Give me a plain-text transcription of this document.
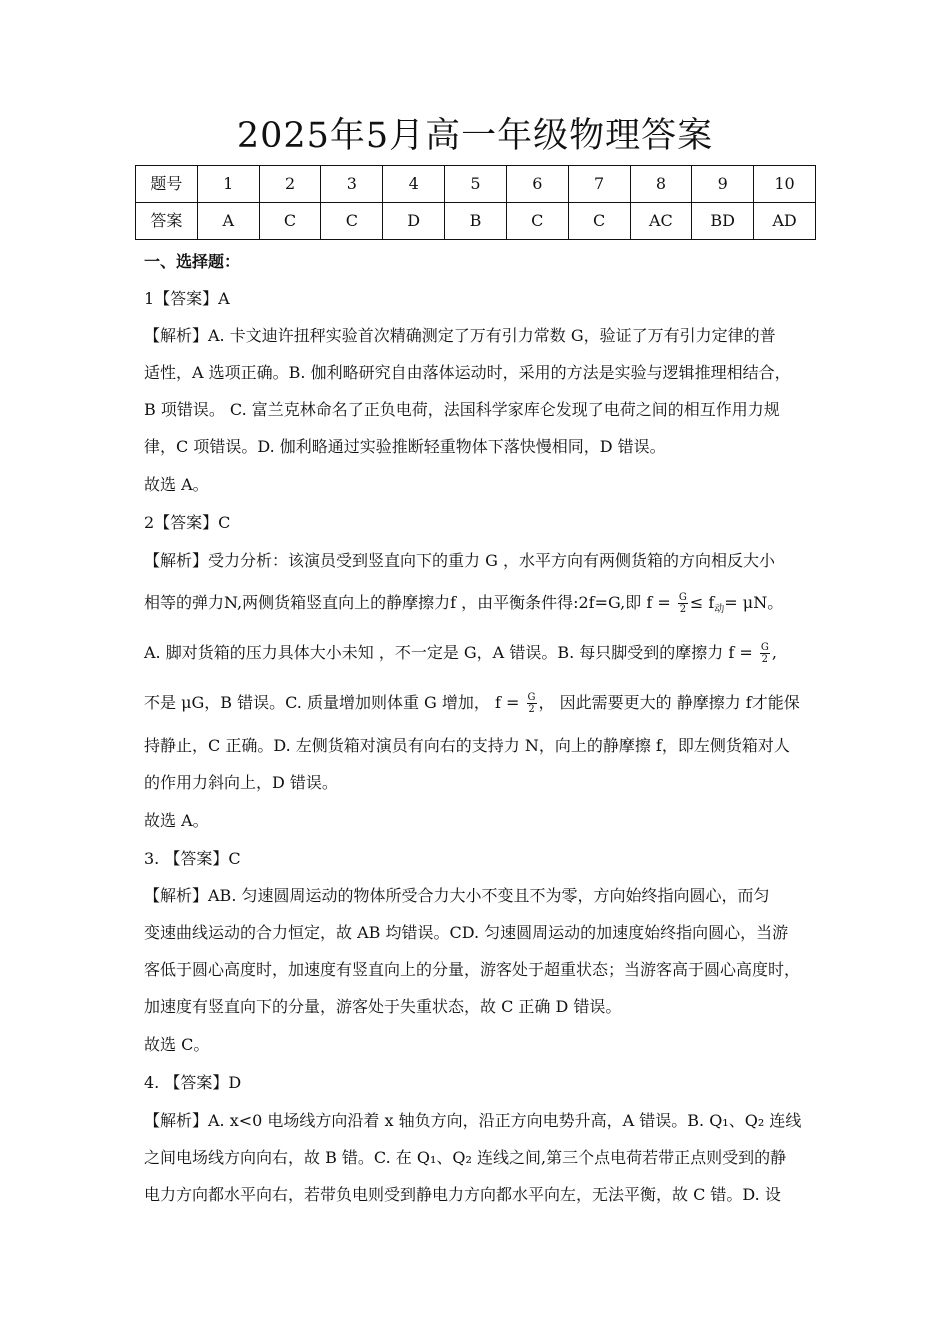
2025年5月高一年级物理答案
题号	1	2	3	4	5	6	7	8	9	10
答案	A	C	C	D	B	C	C	AC	BD	AD
一、选择题：
1【答案】A
【解析】A. 卡文迪许扭秤实验首次精确测定了万有引力常数 G，验证了万有引力定律的普
适性，A 选项正确。B. 伽利略研究自由落体运动时，采用的方法是实验与逻辑推理相结合，
B 项错误。 C. 富兰克林命名了正负电荷，法国科学家库仑发现了电荷之间的相互作用力规
律，C 项错误。D. 伽利略通过实验推断轻重物体下落快慢相同，D 错误。
故选 A。
2【答案】C
【解析】受力分析：该演员受到竖直向下的重力 G ，水平方向有两侧货箱的方向相反大小
相等的弹力N,两侧货箱竖直向上的静摩擦力f ，由平衡条件得:2f=G,即 $f = \frac{G}{2} \le f_动= \mu N$。
A. 脚对货箱的压力具体大小未知 ，不一定是 G，A 错误。B. 每只脚受到的摩擦力 $f = \frac{G}{2}$ ,
不是 μG，B 错误。C. 质量增加则体重 G 增加， $f = \frac{G}{2}$ ， 因此需要更大的 静摩擦力 f才能保
持静止，C 正确。D. 左侧货箱对演员有向右的支持力 N，向上的静摩擦 f，即左侧货箱对人
的作用力斜向上，D 错误。
故选 A。
3. 【答案】C
【解析】AB. 匀速圆周运动的物体所受合力大小不变且不为零，方向始终指向圆心，而匀
变速曲线运动的合力恒定，故 AB 均错误。CD. 匀速圆周运动的加速度始终指向圆心，当游
客低于圆心高度时，加速度有竖直向上的分量，游客处于超重状态；当游客高于圆心高度时，
加速度有竖直向下的分量，游客处于失重状态，故 C 正确 D 错误。
故选 C。
4. 【答案】D
【解析】A. x<0 电场线方向沿着 x 轴负方向，沿正方向电势升高，A 错误。B. Q₁、Q₂ 连线
之间电场线方向向右，故 B 错。C. 在 Q₁、Q₂ 连线之间,第三个点电荷若带正点则受到的静
电力方向都水平向右，若带负电则受到静电力方向都水平向左，无法平衡，故 C 错。D. 设
